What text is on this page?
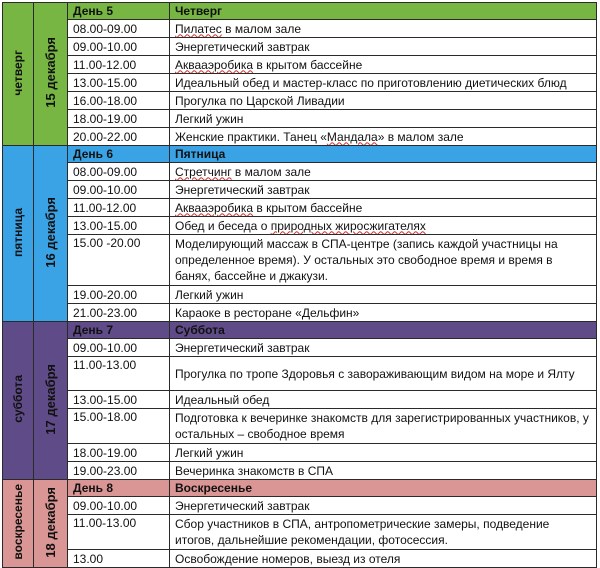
четверг	15 декабря	День 5	Четверг
		08.00-09.00	Пилатес в малом зале
		09.00-10.00	Энергетический завтрак
		11.00-12.00	Аквааэробика в крытом бассейне
		13.00-15.00	Идеальный обед и мастер-класс по приготовлению диетических блюд
		16.00-18.00	Прогулка по Царской Ливадии
		18.00-19.00	Легкий ужин
		20.00-22.00	Женские практики. Танец «Мандала» в малом зале
пятница	16 декабря	День 6	Пятница
		08.00-09.00	Стретчинг в малом зале
		09.00-10.00	Энергетический завтрак
		11.00-12.00	Аквааэробика в крытом бассейне
		13.00-15.00	Обед и беседа о природных жиросжигателях
		15.00 -20.00	Моделирующий массаж в СПА-центре (запись каждой участницы на определенное время). У остальных это свободное время и время в банях, бассейне и джакузи.
		19.00-20.00	Легкий ужин
		21.00-23.00	Караоке в ресторане «Дельфин»
суббота	17 декабря	День 7	Суббота
		09.00-10.00	Энергетический завтрак
		11.00-13.00	Прогулка по тропе Здоровья с завораживающим видом на море и Ялту
		13.00-15.00	Идеальный обед
		15.00-18.00	Подготовка к вечеринке знакомств для зарегистрированных участников, у остальных – свободное время
		18.00-19.00	Легкий ужин
		19.00-23.00	Вечеринка знакомств в СПА
воскресенье	18 декабря	День 8	Воскресенье
		09.00-10.00	Энергетический завтрак
		11.00-13.00	Сбор участников в СПА, антропометрические замеры, подведение итогов, дальнейшие рекомендации, фотосессия.
		13.00	Освобождение номеров, выезд из отеля
